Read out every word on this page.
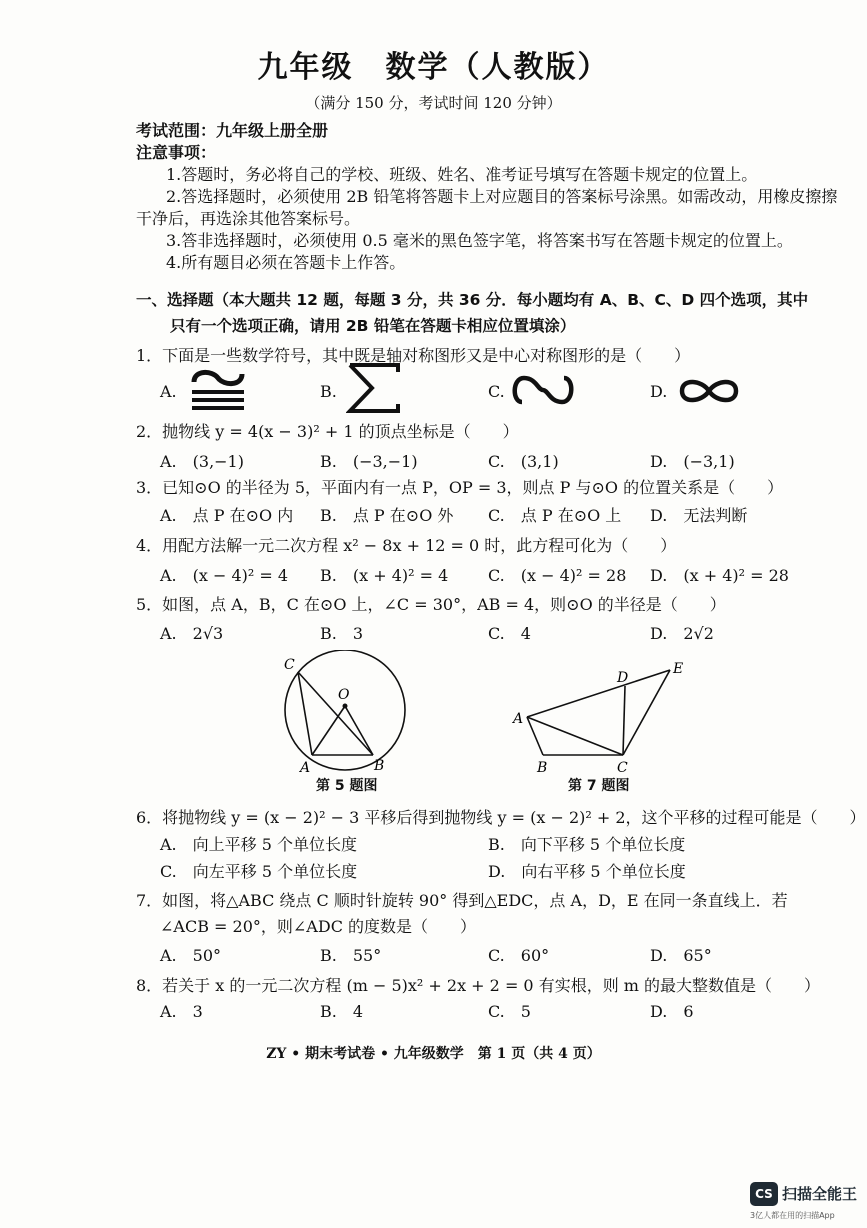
九年级　数学（人教版）
（满分 150 分，考试时间 120 分钟）
考试范围：九年级上册全册
注意事项：
1.答题时，务必将自己的学校、班级、姓名、准考证号填写在答题卡规定的位置上。
2.答选择题时，必须使用 2B 铅笔将答题卡上对应题目的答案标号涂黑。如需改动，用橡皮擦擦
干净后，再选涂其他答案标号。
3.答非选择题时，必须使用 0.5 毫米的黑色签字笔，将答案书写在答题卡规定的位置上。
4.所有题目必须在答题卡上作答。
一、选择题（本大题共 12 题，每题 3 分，共 36 分．每小题均有 A、B、C、D 四个选项，其中
只有一个选项正确，请用 2B 铅笔在答题卡相应位置填涂）
1．下面是一些数学符号，其中既是轴对称图形又是中心对称图形的是（　　）
A.	B.	C.	D.
2．抛物线 y = 4(x − 3)² + 1 的顶点坐标是（　　）
A.　(3,−1)	B.　(−3,−1)	C.　(3,1)	D.　(−3,1)
3．已知⊙O 的半径为 5，平面内有一点 P，OP = 3，则点 P 与⊙O 的位置关系是（　　）
A.　点 P 在⊙O 内 B.　点 P 在⊙O 外 C.　点 P 在⊙O 上 D.　无法判断
4．用配方法解一元二次方程 x² − 8x + 12 = 0 时，此方程可化为（　　）
A.　(x − 4)² = 4 B.　(x + 4)² = 4 C.　(x − 4)² = 28 D.　(x + 4)² = 28
5．如图，点 A，B，C 在⊙O 上，∠C = 30°，AB = 4，则⊙O 的半径是（　　）
A.　2√3	B.　3	C.　4	D.　2√2
C
O
A	B
第 5 题图
D
E
A
B	C
第 7 题图
6．将抛物线 y = (x − 2)² − 3 平移后得到抛物线 y = (x − 2)² + 2，这个平移的过程可能是（　　）
A.　向上平移 5 个单位长度	B.　向下平移 5 个单位长度
C.　向左平移 5 个单位长度	D.　向右平移 5 个单位长度
7．如图，将△ABC 绕点 C 顺时针旋转 90° 得到△EDC，点 A，D，E 在同一条直线上．若
∠ACB = 20°，则∠ADC 的度数是（　　）
A.　50°	B.　55°	C.　60°	D.　65°
8．若关于 x 的一元二次方程 (m − 5)x² + 2x + 2 = 0 有实根，则 m 的最大整数值是（　　）
A.　3	B.　4	C.　5	D.　6
ZY • 期末考试卷 • 九年级数学　第 1 页（共 4 页）
CS 扫描全能王
3亿人都在用的扫描App
